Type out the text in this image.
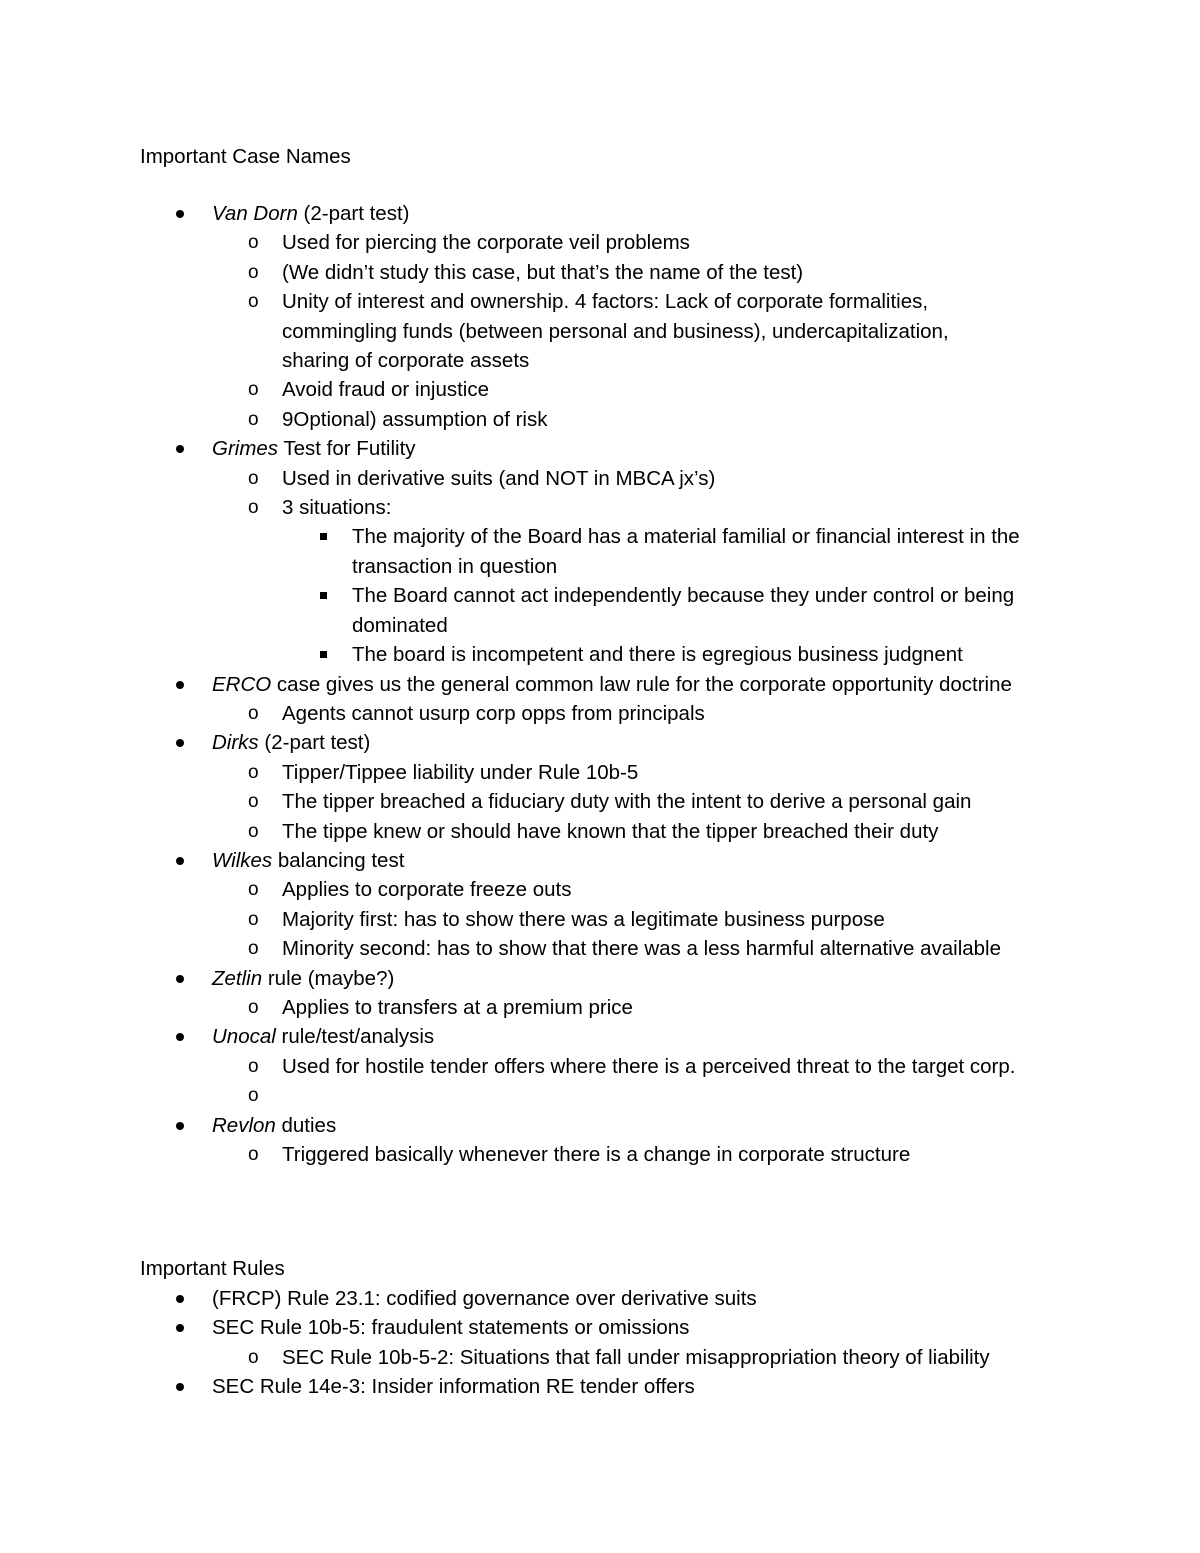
Important Case Names
Van Dorn (2-part test)
o Used for piercing the corporate veil problems
o (We didn’t study this case, but that’s the name of the test)
o Unity of interest and ownership. 4 factors: Lack of corporate formalities, commingling funds (between personal and business), undercapitalization, sharing of corporate assets
o Avoid fraud or injustice
o 9Optional) assumption of risk
Grimes Test for Futility
o Used in derivative suits (and NOT in MBCA jx’s)
o 3 situations:
The majority of the Board has a material familial or financial interest in the transaction in question
The Board cannot act independently because they under control or being dominated
The board is incompetent and there is egregious business judgnent
ERCO case gives us the general common law rule for the corporate opportunity doctrine
o Agents cannot usurp corp opps from principals
Dirks (2-part test)
o Tipper/Tippee liability under Rule 10b-5
o The tipper breached a fiduciary duty with the intent to derive a personal gain
o The tippe knew or should have known that the tipper breached their duty
Wilkes balancing test
o Applies to corporate freeze outs
o Majority first: has to show there was a legitimate business purpose
o Minority second: has to show that there was a less harmful alternative available
Zetlin rule (maybe?)
o Applies to transfers at a premium price
Unocal rule/test/analysis
o Used for hostile tender offers where there is a perceived threat to the target corp.
o
Revlon duties
o Triggered basically whenever there is a change in corporate structure
Important Rules
(FRCP) Rule 23.1: codified governance over derivative suits
SEC Rule 10b-5: fraudulent statements or omissions
o SEC Rule 10b-5-2: Situations that fall under misappropriation theory of liability
SEC Rule 14e-3: Insider information RE tender offers
